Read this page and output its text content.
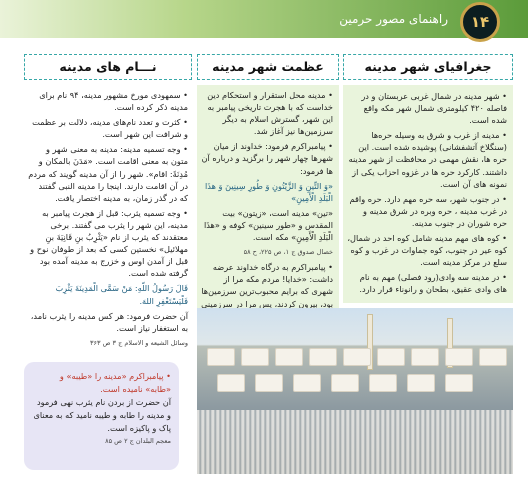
راهنمای مصور حرمین	۱۴
جغرافیای شهر مدینه

• شهر مدینه در شمال غربی عربستان و در فاصله ۴۲۰ کیلومتری شمال شهر مکه واقع شده است.

• مدینه از غرب و شرق به وسیله حره‌ها (سنگلاخ آتشفشانی) پوشیده شده است. این حره ها، نقش مهمی در محافظت از شهر مدینه داشتند. کارکرد حره ها در غزوه احزاب یکی از نمونه های آن است.

• در جنوب شهر، سه حره مهم دارد. حره واقم در غرب مدینه ، حره وبره در شرق مدینه و حره شوران در جنوب مدینه.

• کوه های مهم مدینه شامل کوه احد در شمال، کوه عیر در جنوب، کوه جماوات در غرب و کوه سلع در مرکز مدینه است.

• در مدینه سه وادی(رود فصلی) مهم به نام های وادی عقیق، بطحان و رانوناء قرار دارد.

عظمت شهر مدینه

• مدینه محل استقرار و استحکام دین خداست که با هجرت تاریخی پیامبر به این شهر، گسترش اسلام به دیگر سرزمین‌ها نیز آغاز شد.

• پیامبراکرم فرمود: خداوند از میان شهرها چهار شهر را برگزید و درباره آن ها فرمود:

«وَ التِّینِ وَ الزَّیْتُونِ وَ طُورِ سِینِینَ وَ هذَا الْبَلَدِ الْأَمِینِ»

«تین» مدینه است، «زیتون» بیت المقدس و «طور سینین» کوفه و «هذَا الْبَلَدِ الْأَمِینِ» مکه است.

خصال صدوق ج ۱، ص ۲۲۵، ح ۵۸

• پیامبراکرم به درگاه خداوند عرضه داشت: «خدایا! مردم مکه مرا از شهری که برایم محبوب‌ترین سرزمین‌ها بود، بیرون کردند، پس مرا در سرزمینی

نـــام های مدینه

• سمهودی مورخ مشهور مدینه، ۹۴ نام برای مدینه ذکر کرده است.

• کثرت و تعدد نام‌های مدینه، دلالت بر عظمت و شرافت این شهر است.

• وجه تسمیه مدینه: مدینه به معنی شهر و متون به معنی اقامت است. «مَدَنَ بالمکان و مُدِنَةً: اقام». شهر را از آن مدینه گویند که مردم در آن اقامت دارند. اینجا را مدینه النبی گفتند که در گذر زمان، به مدینه اختصار یافت.

• وجه تسمیه یثرب: قبل از هجرت پیامبر به مدینه، این شهر را یثرب می گفتند. برخی معتقدند که یثرب از نام «یَثْرِبُ بنِ قَانِیَةَ بنِ مهلائیل» نخستین کسی که بعد از طوفان نوح و قبل از آمدن اوس و خزرج به مدینه آمده بود گرفته شده است.

قَالَ رَسُولُ اللّهِ: مَنْ سَمَّى الْمَدِینَةَ یَثْرِبَ فَلْیَسْتَغْفِرِ اللهَ.

آن حضرت فرمود: هر کس مدینه را یثرب نامد، به استغفار نیاز است.

وسائل الشیعه و الاسلام ج ۳ ص ۳۶۳

• پیامبراکرم «مدینه را «طیبه» و «طابه» نامیده است.
آن حضرت از بردن نام یثرب نهی فرمود و مدینه را طابه و طیبه نامید که به معنای پاک و پاکیزه است.
معجم البلدان ج ۲ ص ۸۵
